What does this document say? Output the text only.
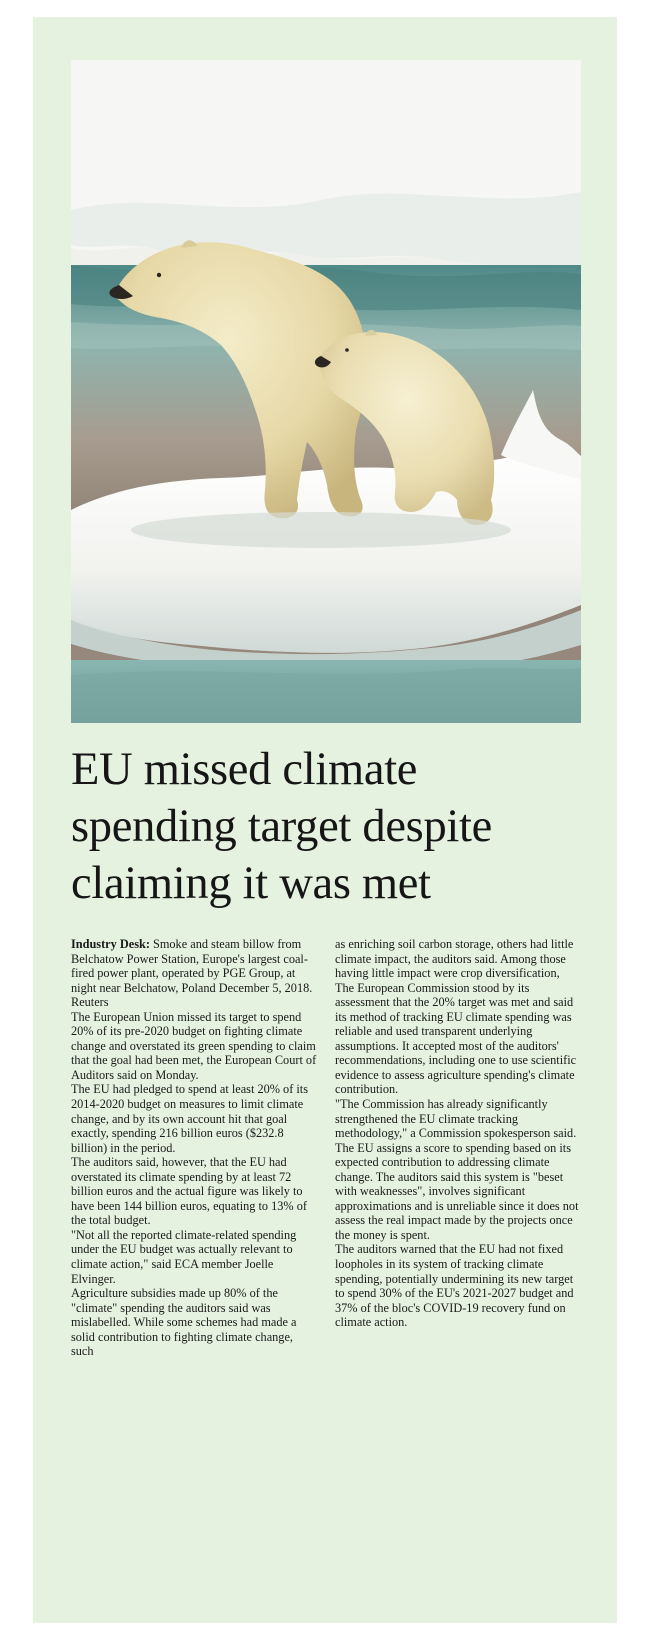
EU missed climate spending target despite claiming it was met

Industry Desk: Smoke and steam billow from Belchatow Power Station, Europe's largest coal-fired power plant, operated by PGE Group, at night near Belchatow, Poland December 5, 2018. Reuters

The European Union missed its target to spend 20% of its pre-2020 budget on fighting climate change and overstated its green spending to claim that the goal had been met, the European Court of Auditors said on Monday.

The EU had pledged to spend at least 20% of its 2014-2020 budget on measures to limit climate change, and by its own account hit that goal exactly, spending 216 billion euros ($232.8 billion) in the period.

The auditors said, however, that the EU had overstated its climate spending by at least 72 billion euros and the actual figure was likely to have been 144 billion euros, equating to 13% of the total budget.

"Not all the reported climate-related spending under the EU budget was actually relevant to climate action," said ECA member Joelle Elvinger.

Agriculture subsidies made up 80% of the "climate" spending the auditors said was mislabelled. While some schemes had made a solid contribution to fighting climate change, such

as enriching soil carbon storage, others had little climate impact, the auditors said. Among those having little impact were crop diversification,

The European Commission stood by its assessment that the 20% target was met and said its method of tracking EU climate spending was reliable and used transparent underlying assumptions. It accepted most of the auditors' recommendations, including one to use scientific evidence to assess agriculture spending's climate contribution.

"The Commission has already significantly strengthened the EU climate tracking methodology," a Commission spokesperson said.

The EU assigns a score to spending based on its expected contribution to addressing climate change. The auditors said this system is "beset with weaknesses", involves significant approximations and is unreliable since it does not assess the real impact made by the projects once the money is spent.

The auditors warned that the EU had not fixed loopholes in its system of tracking climate spending, potentially undermining its new target to spend 30% of the EU's 2021-2027 budget and 37% of the bloc's COVID-19 recovery fund on climate action.
